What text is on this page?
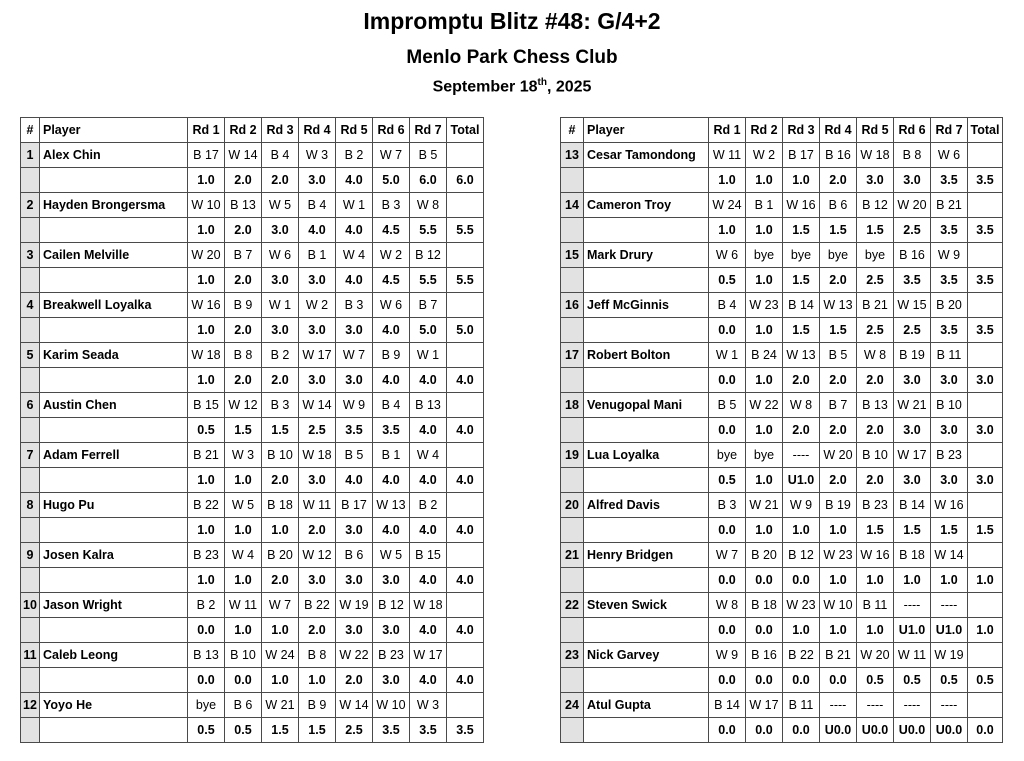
Impromptu Blitz #48: G/4+2
Menlo Park Chess Club
September 18th, 2025
#	Player	Rd 1	Rd 2	Rd 3	Rd 4	Rd 5	Rd 6	Rd 7	Total
1	Alex Chin	B 17	W 14	B 4	W 3	B 2	W 7	B 5	
		1.0	2.0	2.0	3.0	4.0	5.0	6.0	6.0
2	Hayden Brongersma	W 10	B 13	W 5	B 4	W 1	B 3	W 8	
		1.0	2.0	3.0	4.0	4.0	4.5	5.5	5.5
3	Cailen Melville	W 20	B 7	W 6	B 1	W 4	W 2	B 12	
		1.0	2.0	3.0	3.0	4.0	4.5	5.5	5.5
4	Breakwell Loyalka	W 16	B 9	W 1	W 2	B 3	W 6	B 7	
		1.0	2.0	3.0	3.0	3.0	4.0	5.0	5.0
5	Karim Seada	W 18	B 8	B 2	W 17	W 7	B 9	W 1	
		1.0	2.0	2.0	3.0	3.0	4.0	4.0	4.0
6	Austin Chen	B 15	W 12	B 3	W 14	W 9	B 4	B 13	
		0.5	1.5	1.5	2.5	3.5	3.5	4.0	4.0
7	Adam Ferrell	B 21	W 3	B 10	W 18	B 5	B 1	W 4	
		1.0	1.0	2.0	3.0	4.0	4.0	4.0	4.0
8	Hugo Pu	B 22	W 5	B 18	W 11	B 17	W 13	B 2	
		1.0	1.0	1.0	2.0	3.0	4.0	4.0	4.0
9	Josen Kalra	B 23	W 4	B 20	W 12	B 6	W 5	B 15	
		1.0	1.0	2.0	3.0	3.0	3.0	4.0	4.0
10	Jason Wright	B 2	W 11	W 7	B 22	W 19	B 12	W 18	
		0.0	1.0	1.0	2.0	3.0	3.0	4.0	4.0
11	Caleb Leong	B 13	B 10	W 24	B 8	W 22	B 23	W 17	
		0.0	0.0	1.0	1.0	2.0	3.0	4.0	4.0
12	Yoyo He	bye	B 6	W 21	B 9	W 14	W 10	W 3	
		0.5	0.5	1.5	1.5	2.5	3.5	3.5	3.5
#	Player	Rd 1	Rd 2	Rd 3	Rd 4	Rd 5	Rd 6	Rd 7	Total
13	Cesar Tamondong	W 11	W 2	B 17	B 16	W 18	B 8	W 6	
		1.0	1.0	1.0	2.0	3.0	3.0	3.5	3.5
14	Cameron Troy	W 24	B 1	W 16	B 6	B 12	W 20	B 21	
		1.0	1.0	1.5	1.5	1.5	2.5	3.5	3.5
15	Mark Drury	W 6	bye	bye	bye	bye	B 16	W 9	
		0.5	1.0	1.5	2.0	2.5	3.5	3.5	3.5
16	Jeff McGinnis	B 4	W 23	B 14	W 13	B 21	W 15	B 20	
		0.0	1.0	1.5	1.5	2.5	2.5	3.5	3.5
17	Robert Bolton	W 1	B 24	W 13	B 5	W 8	B 19	B 11	
		0.0	1.0	2.0	2.0	2.0	3.0	3.0	3.0
18	Venugopal Mani	B 5	W 22	W 8	B 7	B 13	W 21	B 10	
		0.0	1.0	2.0	2.0	2.0	3.0	3.0	3.0
19	Lua Loyalka	bye	bye	----	W 20	B 10	W 17	B 23	
		0.5	1.0	U1.0	2.0	2.0	3.0	3.0	3.0
20	Alfred Davis	B 3	W 21	W 9	B 19	B 23	B 14	W 16	
		0.0	1.0	1.0	1.0	1.5	1.5	1.5	1.5
21	Henry Bridgen	W 7	B 20	B 12	W 23	W 16	B 18	W 14	
		0.0	0.0	0.0	1.0	1.0	1.0	1.0	1.0
22	Steven Swick	W 8	B 18	W 23	W 10	B 11	----	----	
		0.0	0.0	1.0	1.0	1.0	U1.0	U1.0	1.0
23	Nick Garvey	W 9	B 16	B 22	B 21	W 20	W 11	W 19	
		0.0	0.0	0.0	0.0	0.5	0.5	0.5	0.5
24	Atul Gupta	B 14	W 17	B 11	----	----	----	----	
		0.0	0.0	0.0	U0.0	U0.0	U0.0	U0.0	0.0
